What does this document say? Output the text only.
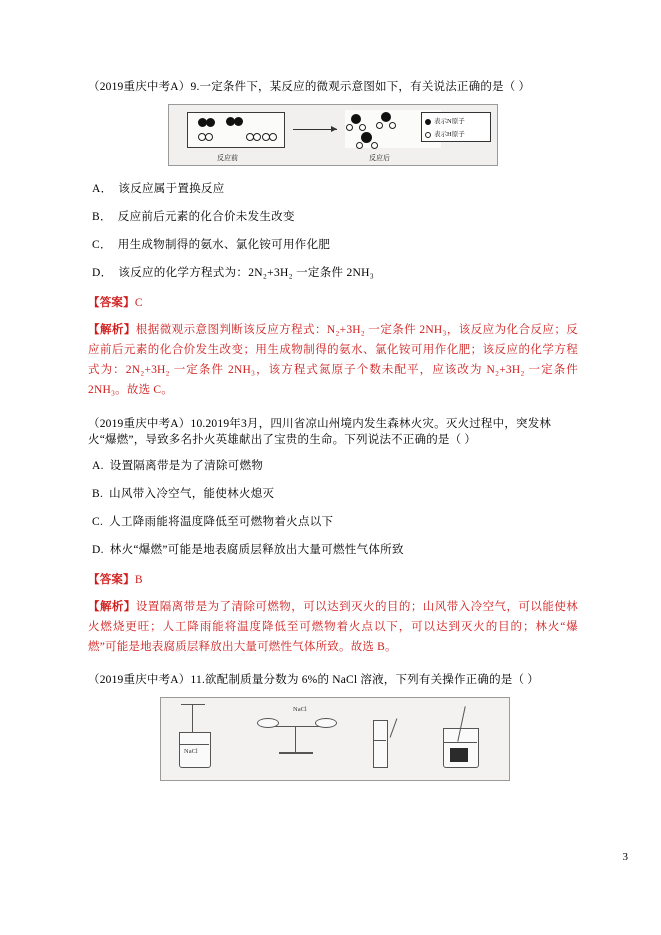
（2019重庆中考A）9.一定条件下，某反应的微观示意图如下，有关说法正确的是（ ）
反应前	反应后
表示N原子
表示H原子
A． 该反应属于置换反应
B． 反应前后元素的化合价未发生改变
C． 用生成物制得的氨水、氯化铵可用作化肥
D． 该反应的化学方程式为：2N₂+3H₂ 一定条件 2NH₃
【答案】C
【解析】根据微观示意图判断该反应方程式：N₂+3H₂ 一定条件 2NH₃，该反应为化合反应；反应前后元素的化合价发生改变；用生成物制得的氨水、氯化铵可用作化肥；该反应的化学方程式为：2N₂+3H₂ 一定条件 2NH₃，该方程式氮原子个数未配平，应该改为 N₂+3H₂ 一定条件 2NH₃。故选 C。
（2019重庆中考A）10.2019年3月，四川省凉山州境内发生森林火灾。灭火过程中，突发林火“爆燃”，导致多名扑火英雄献出了宝贵的生命。下列说法不正确的是（ ）
A. 设置隔离带是为了清除可燃物
B. 山风带入冷空气，能使林火熄灭
C. 人工降雨能将温度降低至可燃物着火点以下
D. 林火“爆燃”可能是地表腐质层释放出大量可燃性气体所致
【答案】B
【解析】设置隔离带是为了清除可燃物，可以达到灭火的目的；山风带入冷空气，可以能使林火燃烧更旺；人工降雨能将温度降低至可燃物着火点以下，可以达到灭火的目的；林火“爆燃”可能是地表腐质层释放出大量可燃性气体所致。故选 B。
（2019重庆中考A）11.欲配制质量分数为 6%的 NaCl 溶液，下列有关操作正确的是（ ）
NaCl
NaCl
3
